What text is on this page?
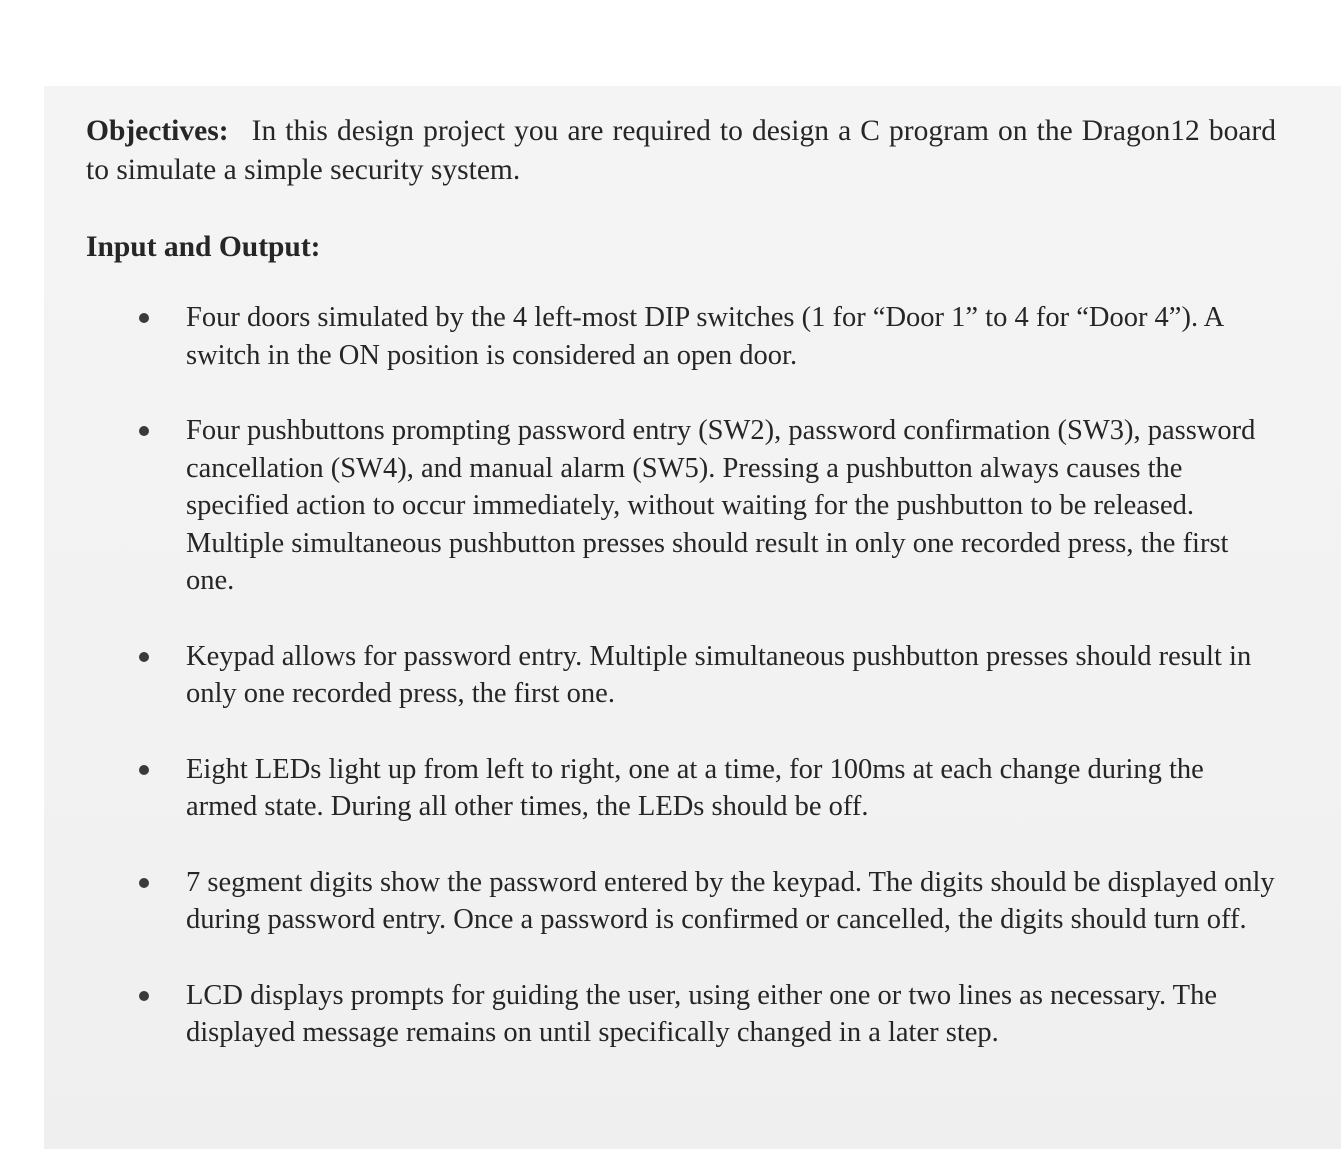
Objectives: In this design project you are required to design a C program on the Dragon12 board to simulate a simple security system.

Input and Output:
Four doors simulated by the 4 left-most DIP switches (1 for “Door 1” to 4 for “Door 4”). A switch in the ON position is considered an open door.
Four pushbuttons prompting password entry (SW2), password confirmation (SW3), password cancellation (SW4), and manual alarm (SW5). Pressing a pushbutton always causes the specified action to occur immediately, without waiting for the pushbutton to be released. Multiple simultaneous pushbutton presses should result in only one recorded press, the first one.
Keypad allows for password entry. Multiple simultaneous pushbutton presses should result in only one recorded press, the first one.
Eight LEDs light up from left to right, one at a time, for 100ms at each change during the armed state. During all other times, the LEDs should be off.
7 segment digits show the password entered by the keypad. The digits should be displayed only during password entry. Once a password is confirmed or cancelled, the digits should turn off.
LCD displays prompts for guiding the user, using either one or two lines as necessary. The displayed message remains on until specifically changed in a later step.
